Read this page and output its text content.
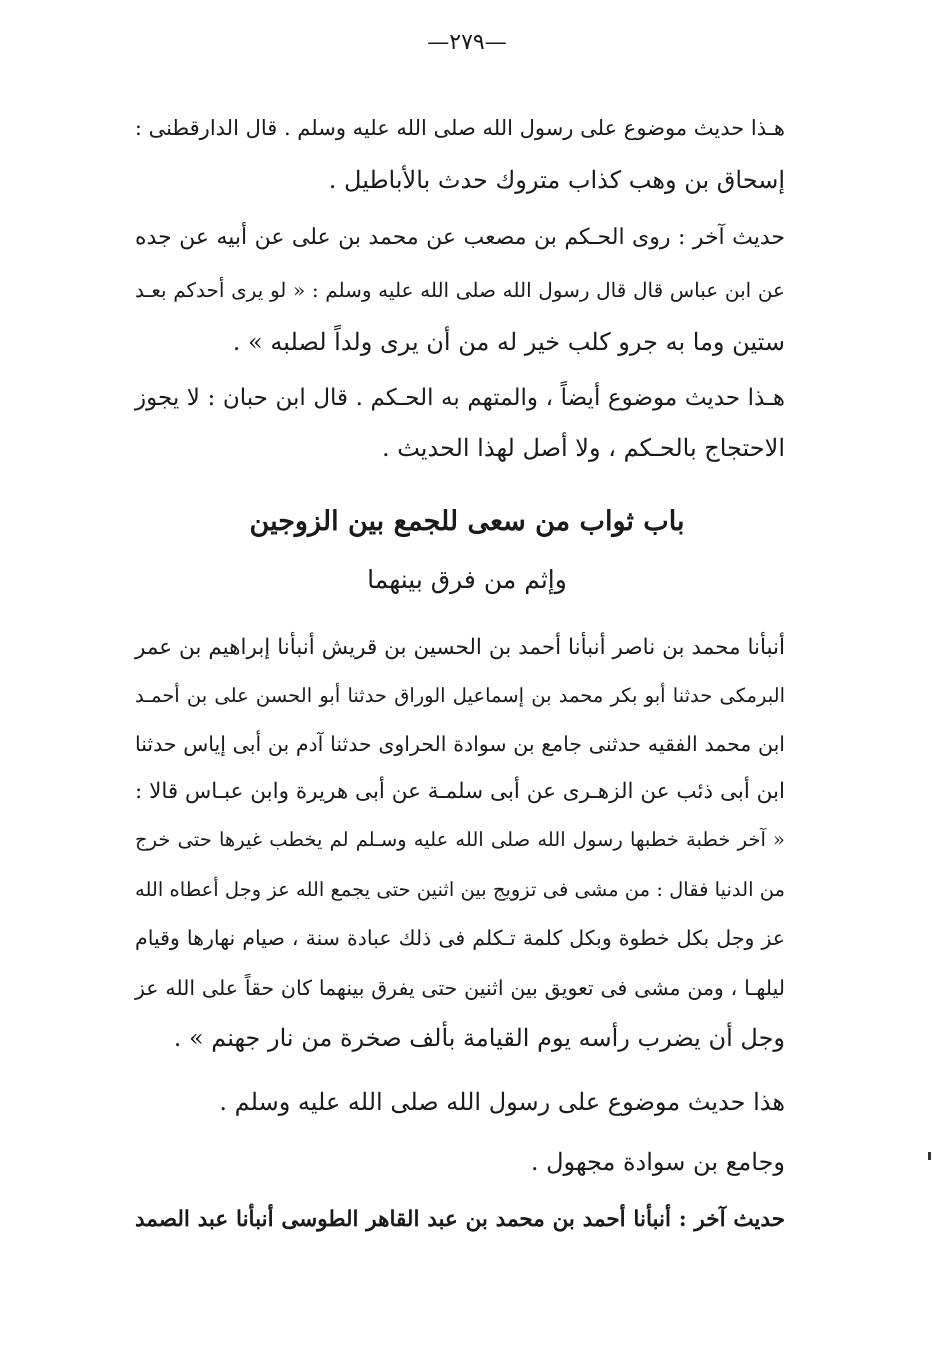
—٢٧٩—
هـذا حديث موضوع على رسول الله صلى الله عليه وسلم . قال الدارقطنى :
إسحاق بن وهب كذاب متروك حدث بالأباطيل .
حديث آخر : روى الحـكم بن مصعب عن محمد بن على عن أبيه عن جده
عن ابن عباس قال قال رسول الله صلى الله عليه وسلم : « لو يرى أحدكم بعـد
ستين وما به جرو كلب خير له من أن يرى ولداً لصلبه » .
هـذا حديث موضوع أيضاً ، والمتهم به الحـكم . قال ابن حبان : لا يجوز
الاحتجاج بالحـكم ، ولا أصل لهذا الحديث .
باب ثواب من سعى للجمع بين الزوجين
وإثم من فرق بينهما
أنبأنا محمد بن ناصر أنبأنا أحمد بن الحسين بن قريش أنبأنا إبراهيم بن عمر
البرمكى حدثنا أبو بكر محمد بن إسماعيل الوراق حدثنا أبو الحسن على بن أحمـد
ابن محمد الفقيه حدثنى جامع بن سوادة الحراوى حدثنا آدم بن أبى إياس حدثنا
ابن أبى ذئب عن الزهـرى عن أبى سلمـة عن أبى هريرة وابن عبـاس قالا :
« آخر خطبة خطبها رسول الله صلى الله عليه وسـلم لم يخطب غيرها حتى خرج
من الدنيا فقال : من مشى فى تزويج بين اثنين حتى يجمع الله عز وجل أعطاه الله
عز وجل بكل خطوة وبكل كلمة تـكلم فى ذلك عبادة سنة ، صيام نهارها وقيام
ليلهـا ، ومن مشى فى تعويق بين اثنين حتى يفرق بينهما كان حقاً على الله عز
وجل أن يضرب رأسه يوم القيامة بألف صخرة من نار جهنم » .
هذا حديث موضوع على رسول الله صلى الله عليه وسلم .
وجامع بن سوادة مجهول .
حديث آخر : أنبأنا أحمد بن محمد بن عبد القاهر الطوسى أنبأنا عبد الصمد
